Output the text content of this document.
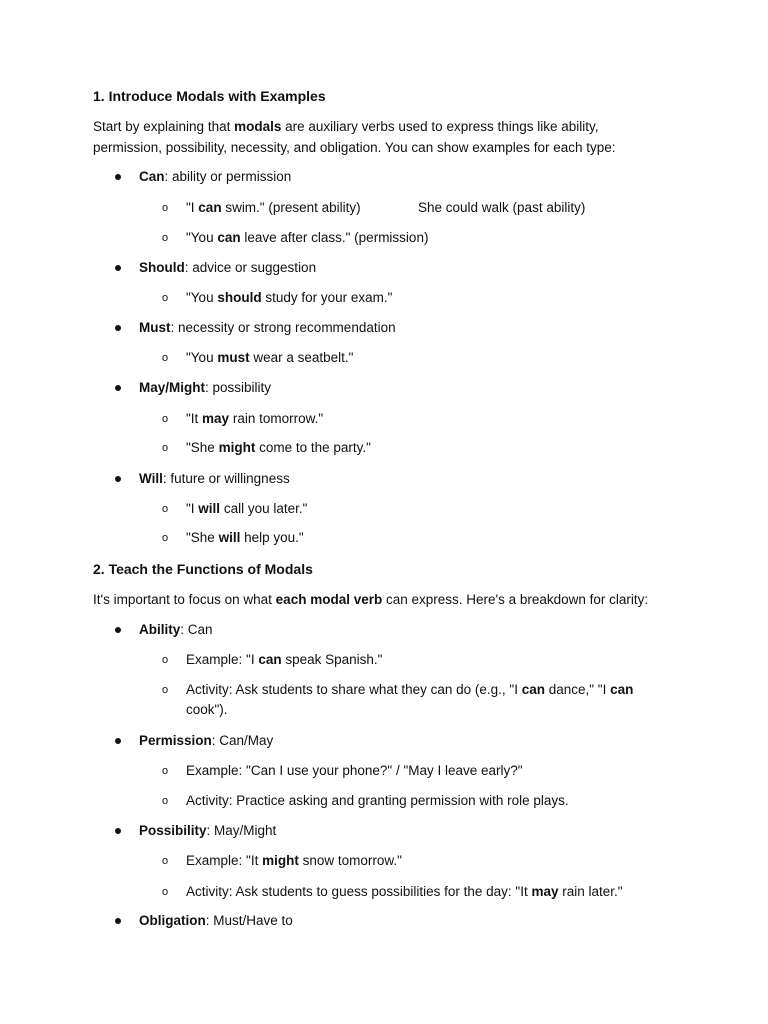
1. Introduce Modals with Examples
Start by explaining that modals are auxiliary verbs used to express things like ability,
permission, possibility, necessity, and obligation. You can show examples for each type:
Can: ability or permission
o "I can swim." (present ability)	She could walk (past ability)
o "You can leave after class." (permission)
Should: advice or suggestion
o "You should study for your exam."
Must: necessity or strong recommendation
o "You must wear a seatbelt."
May/Might: possibility
o "It may rain tomorrow."
o "She might come to the party."
Will: future or willingness
o "I will call you later."
o "She will help you."
2. Teach the Functions of Modals
It's important to focus on what each modal verb can express. Here's a breakdown for clarity:
Ability: Can
o Example: "I can speak Spanish."
o Activity: Ask students to share what they can do (e.g., "I can dance," "I can cook").
Permission: Can/May
o Example: "Can I use your phone?" / "May I leave early?"
o Activity: Practice asking and granting permission with role plays.
Possibility: May/Might
o Example: "It might snow tomorrow."
o Activity: Ask students to guess possibilities for the day: "It may rain later."
Obligation: Must/Have to
